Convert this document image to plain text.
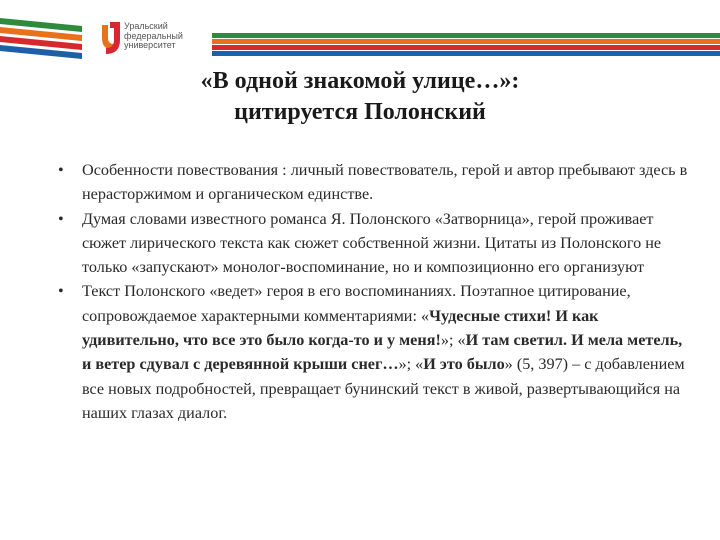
Уральский
федеральный
университет
«В одной знакомой улице…»:
цитируется Полонский
• Особенности повествования : личный повествователь, герой и автор пребывают здесь в нерасторжимом и органическом единстве.
• Думая словами известного романса Я. Полонского «Затворница», герой проживает сюжет лирического текста как сюжет собственной жизни. Цитаты из Полонского не только «запускают» монолог-воспоминание, но и композиционно его организуют
• Текст Полонского «ведет» героя в его воспоминаниях. Поэтапное цитирование, сопровождаемое характерными комментариями: «Чудесные стихи! И как удивительно, что все это было когда-то и у меня!»; «И там светил. И мела метель, и ветер сдувал с деревянной крыши снег…»; «И это было» (5, 397) – с добавлением все новых подробностей, превращает бунинский текст в живой, развертывающийся на наших глазах диалог.
